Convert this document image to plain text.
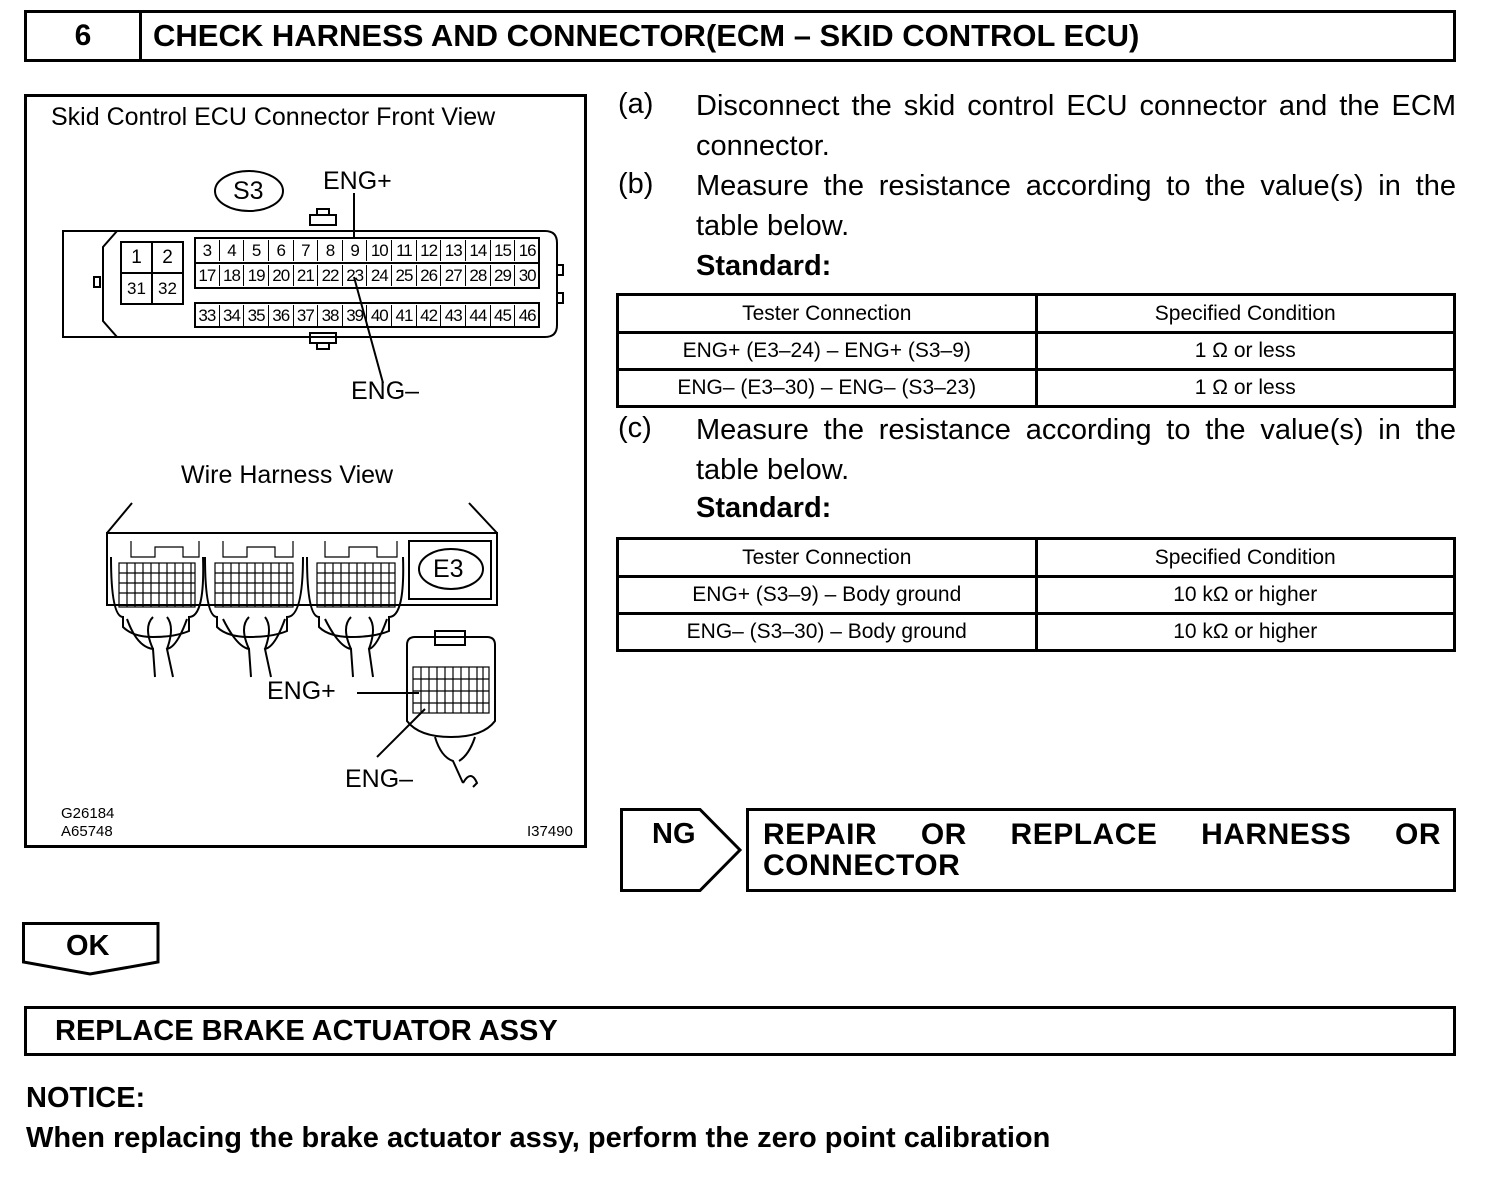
6	CHECK HARNESS AND CONNECTOR(ECM – SKID CONTROL ECU)
Skid Control ECU Connector Front View
S3 ENG+
ENG–
1	2
31 32
3 4 5 6 7 8 9 10 11 12 13 14 15 16
17 18 19 20 21 22 23 24 25 26 27 28 29 30
33 34 35 36 37 38 39 40 41 42 43 44 45 46
Wire Harness View
E3
ENG+
ENG–
G26184
A65748	I37490
(a) Disconnect the skid control ECU connector and the ECM connector.
(b) Measure the resistance according to the value(s) in the table below.
Standard:
Tester Connection	Specified Condition
ENG+ (E3–24) – ENG+ (S3–9)	1 Ω or less
ENG– (E3–30) – ENG– (S3–23)	1 Ω or less
(c) Measure the resistance according to the value(s) in the table below.
Standard:
Tester Connection	Specified Condition
ENG+ (S3–9) – Body ground	10 kΩ or higher
ENG– (S3–30) – Body ground	10 kΩ or higher
NG REPAIR OR REPLACE HARNESS OR CONNECTOR
OK
REPLACE BRAKE ACTUATOR ASSY
NOTICE:
When replacing the brake actuator assy, perform the zero point calibration
